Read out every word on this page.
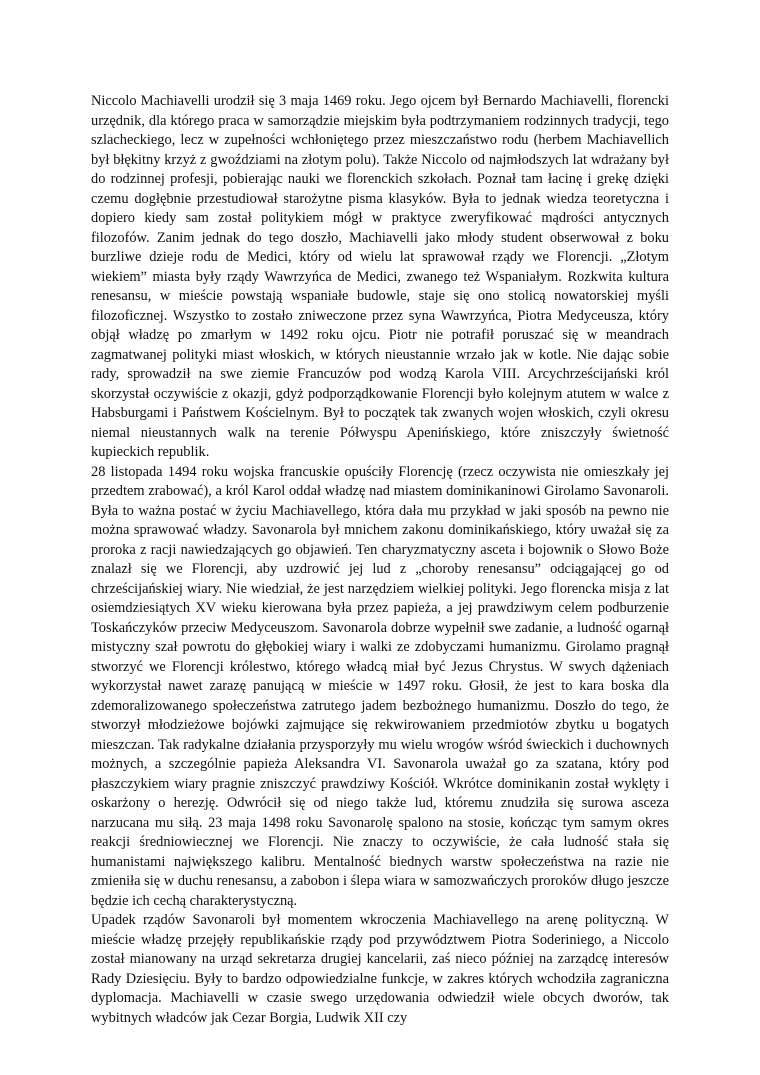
Niccolo Machiavelli urodził się 3 maja 1469 roku. Jego ojcem był Bernardo Machiavelli, florencki urzędnik, dla którego praca w samorządzie miejskim była podtrzymaniem rodzinnych tradycji, tego szlacheckiego, lecz w zupełności wchłoniętego przez mieszczaństwo rodu (herbem Machiavellich był błękitny krzyż z gwoździami na złotym polu). Także Niccolo od najmłodszych lat wdrażany był do rodzinnej profesji, pobierając nauki we florenckich szkołach. Poznał tam łacinę i grekę dzięki czemu dogłębnie przestudiował starożytne pisma klasyków. Była to jednak wiedza teoretyczna i dopiero kiedy sam został politykiem mógł w praktyce zweryfikować mądrości antycznych filozofów. Zanim jednak do tego doszło, Machiavelli jako młody student obserwował z boku burzliwe dzieje rodu de Medici, który od wielu lat sprawował rządy we Florencji. „Złotym wiekiem” miasta były rządy Wawrzyńca de Medici, zwanego też Wspaniałym. Rozkwita kultura renesansu, w mieście powstają wspaniałe budowle, staje się ono stolicą nowatorskiej myśli filozoficznej. Wszystko to zostało zniweczone przez syna Wawrzyńca, Piotra Medyceusza, który objął władzę po zmarłym w 1492 roku ojcu. Piotr nie potrafił poruszać się w meandrach zagmatwanej polityki miast włoskich, w których nieustannie wrzało jak w kotle. Nie dając sobie rady, sprowadził na swe ziemie Francuzów pod wodzą Karola VIII. Arcychrześcijański król skorzystał oczywiście z okazji, gdyż podporządkowanie Florencji było kolejnym atutem w walce z Habsburgami i Państwem Kościelnym. Był to początek tak zwanych wojen włoskich, czyli okresu niemal nieustannych walk na terenie Półwyspu Apenińskiego, które zniszczyły świetność kupieckich republik.

28 listopada 1494 roku wojska francuskie opuściły Florencję (rzecz oczywista nie omieszkały jej przedtem zrabować), a król Karol oddał władzę nad miastem dominikaninowi Girolamo Savonaroli. Była to ważna postać w życiu Machiavellego, która dała mu przykład w jaki sposób na pewno nie można sprawować władzy. Savonarola był mnichem zakonu dominikańskiego, który uważał się za proroka z racji nawiedzających go objawień. Ten charyzmatyczny asceta i bojownik o Słowo Boże znalazł się we Florencji, aby uzdrowić jej lud z „choroby renesansu” odciągającej go od chrześcijańskiej wiary. Nie wiedział, że jest narzędziem wielkiej polityki. Jego florencka misja z lat osiemdziesiątych XV wieku kierowana była przez papieża, a jej prawdziwym celem podburzenie Toskańczyków przeciw Medyceuszom. Savonarola dobrze wypełnił swe zadanie, a ludność ogarnął mistyczny szał powrotu do głębokiej wiary i walki ze zdobyczami humanizmu. Girolamo pragnął stworzyć we Florencji królestwo, którego władcą miał być Jezus Chrystus. W swych dążeniach wykorzystał nawet zarazę panującą w mieście w 1497 roku. Głosił, że jest to kara boska dla zdemoralizowanego społeczeństwa zatrutego jadem bezbożnego humanizmu. Doszło do tego, że stworzył młodzieżowe bojówki zajmujące się rekwirowaniem przedmiotów zbytku u bogatych mieszczan. Tak radykalne działania przysporzyły mu wielu wrogów wśród świeckich i duchownych możnych, a szczególnie papieża Aleksandra VI. Savonarola uważał go za szatana, który pod płaszczykiem wiary pragnie zniszczyć prawdziwy Kościół. Wkrótce dominikanin został wyklęty i oskarżony o herezję. Odwrócił się od niego także lud, któremu znudziła się surowa asceza narzucana mu siłą. 23 maja 1498 roku Savonarolę spalono na stosie, kończąc tym samym okres reakcji średniowiecznej we Florencji. Nie znaczy to oczywiście, że cała ludność stała się humanistami największego kalibru. Mentalność biednych warstw społeczeństwa na razie nie zmieniła się w duchu renesansu, a zabobon i ślepa wiara w samozwańczych proroków długo jeszcze będzie ich cechą charakterystyczną.

Upadek rządów Savonaroli był momentem wkroczenia Machiavellego na arenę polityczną. W mieście władzę przejęły republikańskie rządy pod przywództwem Piotra Soderiniego, a Niccolo został mianowany na urząd sekretarza drugiej kancelarii, zaś nieco później na zarządcę interesów Rady Dziesięciu. Były to bardzo odpowiedzialne funkcje, w zakres których wchodziła zagraniczna dyplomacja. Machiavelli w czasie swego urzędowania odwiedził wiele obcych dworów, tak wybitnych władców jak Cezar Borgia, Ludwik XII czy
